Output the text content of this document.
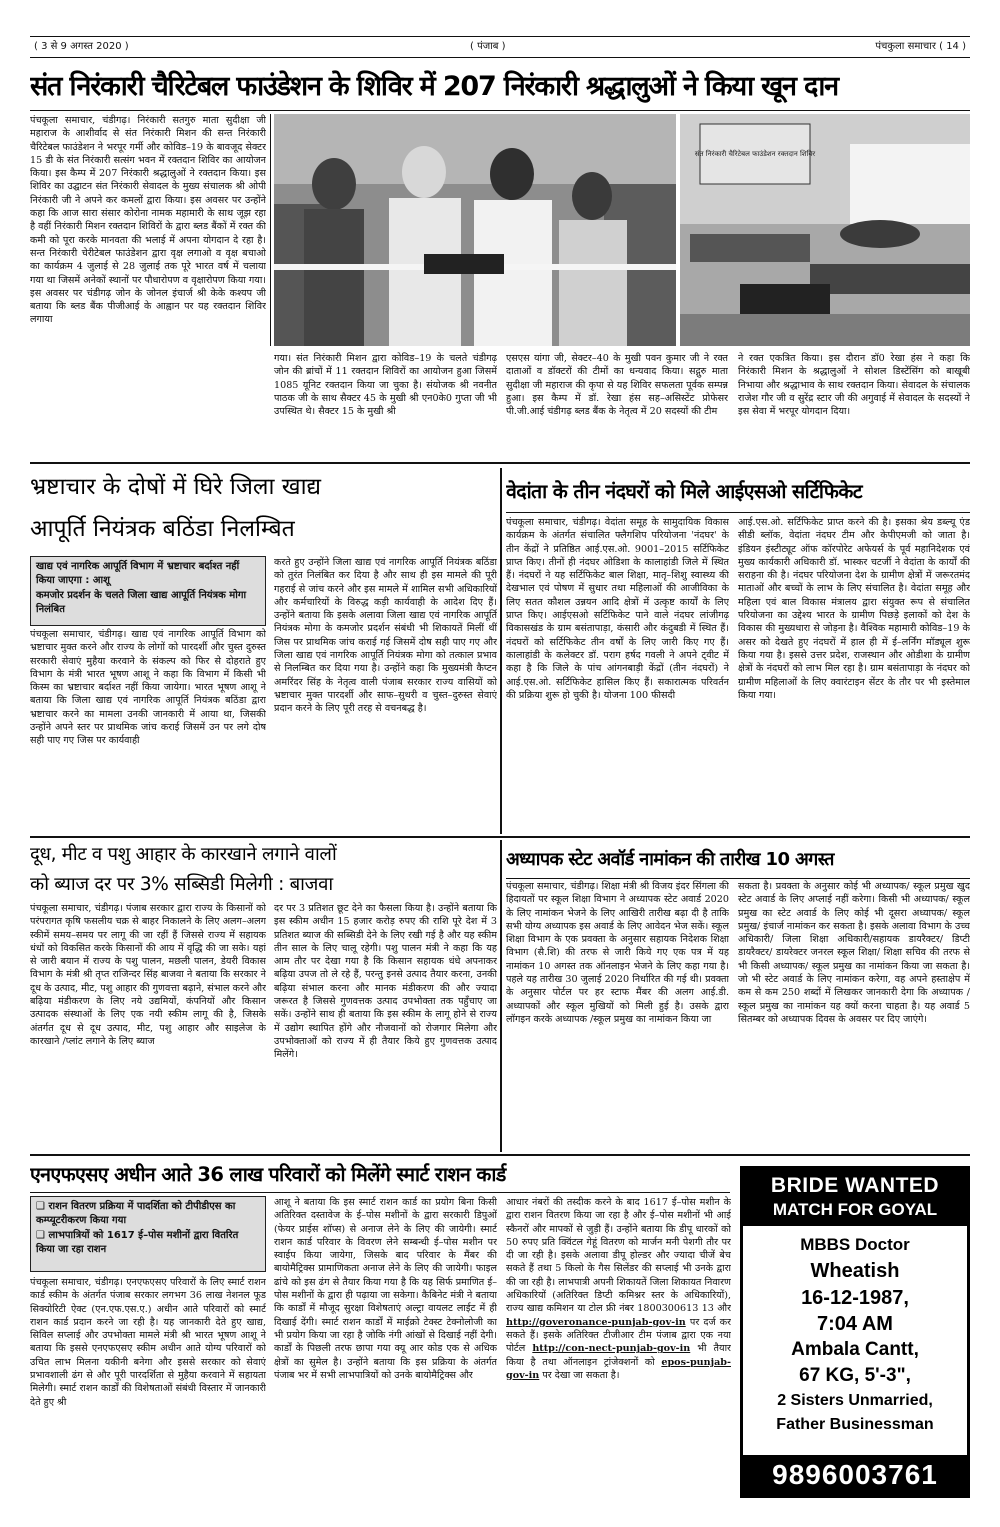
( 3 से 9 अगस्त 2020 )	( पंजाब )	पंचकुला समाचार ( 14 )
संत निरंकारी चैरिटेबल फाउंडेशन के शिविर में 207 निरंकारी श्रद्धालुओं ने किया खून दान

पंचकूला समाचार, चंडीगढ़। निरंकारी सतगुरु माता सुदीक्षा जी महाराज के आशीर्वाद से संत निरंकारी मिशन की सन्त निरंकारी चैरिटेबल फाउंडेशन ने भरपूर गर्मी और कोविड–19 के बावजूद सेक्टर 15 डी के संत निरंकारी सत्संग भवन में रक्तदान शिविर का आयोजन किया। इस कैम्प में 207 निरंकारी श्रद्धालुओं ने रक्तदान किया। इस शिविर का उद्घाटन संत निरंकारी सेवादल के मुख्य संचालक श्री ओपी निरंकारी जी ने अपने कर कमलों द्वारा किया। इस अवसर पर उन्होंने कहा कि आज सारा संसार कोरोना नामक महामारी के साथ जूझ रहा है वहीं निरंकारी मिशन रक्तदान शिविरों के द्वारा ब्लड बैंकों में रक्त की कमी को पूरा करके मानवता की भलाई में अपना योगदान दे रहा है। सन्त निरंकारी चेरीटेबल फाउंडेशन द्वारा वृक्ष लगाओ व वृक्ष बचाओ का कार्यक्रम 4 जुलाई से 28 जुलाई तक पूरे भारत वर्ष में चलाया गया था जिसमें अनेकों स्थानों पर पौधारोपण व वृक्षारोपण किया गया। इस अवसर पर चंडीगढ़ जोन के जोनल इंचार्ज श्री केके कश्यप जी बताया कि ब्लड बैंक पीजीआई के आह्वान पर यह रक्तदान शिविर लगाया

संत निरंकारी चैरिटेबल फाउंडेशन रक्तदान शिविर

गया। संत निरंकारी मिशन द्वारा कोविड–19 के चलते चंडीगढ़ जोन की ब्रांचों में 11 रक्तदान शिविरों का आयोजन हुआ जिसमें 1085 यूनिट रक्तदान किया जा चुका है। संयोजक श्री नवनीत पाठक जी के साथ सैक्टर 45 के मुखी श्री एन0के0 गुप्ता जी भी उपस्थित थे। सैक्टर 15 के मुखी श्री

एसएस यांगा जी, सेक्टर–40 के मुखी पवन कुमार जी ने रक्त दाताओं व डॉक्टरों की टीमों का धन्यवाद किया। सद्गुरु माता सुदीक्षा जी महाराज की कृपा से यह शिविर सफलता पूर्वक सम्पन्न हुआ। इस कैम्प में डॉ. रेखा हंस सह–असिस्टेंट प्रोफेसर पी.जी.आई चंडीगढ़ ब्लड बैंक के नेतृत्व में 20 सदस्यों की टीम

ने रक्त एकत्रित किया। इस दौरान डॉ0 रेखा हंस ने कहा कि निरंकारी मिशन के श्रद्धालुओं ने सोशल डिस्टेंसिंग को बाखूबी निभाया और श्रद्धाभाव के साथ रक्तदान किया। सेवादल के संचालक राजेश गौर जी व सुरेंद्र स्टार जी की अगुवाई में सेवादल के सदस्यों ने इस सेवा में भरपूर योगदान दिया।

भ्रष्टाचार के दोषों में घिरे जिला खाद्य
आपूर्ति नियंत्रक बठिंडा निलम्बित
खाद्य एवं नागरिक आपूर्ति विभाग में भ्रष्टाचार बर्दाश्त नहीं किया जाएगा : आशू
कमजोर प्रदर्शन के चलते जिला खाद्य आपूर्ति नियंत्रक मोगा निलंबित

पंचकूला समाचार, चंडीगढ़। खाद्य एवं नागरिक आपूर्ति विभाग को भ्रष्टाचार मुक्त करने और राज्य के लोगों को पारदर्शी और चुस्त दुरुस्त सरकारी सेवाएं मुहैया करवाने के संकल्प को फिर से दोहराते हुए विभाग के मंत्री भारत भूषण आशू ने कहा कि विभाग में किसी भी किस्म का भ्रष्टाचार बर्दाश्त नहीं किया जायेगा। भारत भूषण आशू ने बताया कि जिला खाद्य एवं नागरिक आपूर्ति नियंत्रक बठिंडा द्वारा भ्रष्टाचार करने का मामला उनकी जानकारी में आया था, जिसकी उन्होंने अपने स्तर पर प्राथमिक जांच कराई जिसमें उन पर लगे दोष सही पाए गए जिस पर कार्यवाही

करते हुए उन्होंने जिला खाद्य एवं नागरिक आपूर्ति नियंत्रक बठिंडा को तुरंत निलंबित कर दिया है और साथ ही इस मामले की पूरी गहराई से जांच करने और इस मामले में शामिल सभी अधिकारियों और कर्मचारियों के विरुद्ध कड़ी कार्यवाही के आदेश दिए हैं। उन्होंने बताया कि इसके अलावा जिला खाद्य एवं नागरिक आपूर्ति नियंत्रक मोगा के कमजोर प्रदर्शन संबंधी भी शिकायतें मिलीं थीं जिस पर प्राथमिक जांच कराई गई जिसमें दोष सही पाए गए और जिला खाद्य एवं नागरिक आपूर्ति नियंत्रक मोगा को तत्काल प्रभाव से निलम्बित कर दिया गया है। उन्होंने कहा कि मुख्यमंत्री कैप्टन अमरिंदर सिंह के नेतृत्व वाली पंजाब सरकार राज्य वासियों को भ्रष्टाचार मुक्त पारदर्शी और साफ–सुथरी व चुस्त–दुरुस्त सेवाएं प्रदान करने के लिए पूरी तरह से वचनबद्ध है।

वेदांता के तीन नंदघरों को मिले आईएसओ सर्टिफिकेट

पंचकूला समाचार, चंडीगढ़। वेदांता समूह के सामुदायिक विकास कार्यक्रम के अंतर्गत संचालित फ्लैगशिप परियोजना 'नंदघर' के तीन केंद्रों ने प्रतिष्ठित आई.एस.ओ. 9001–2015 सर्टिफिकेट प्राप्त किए। तीनों ही नंदघर ओडिशा के कालाहांडी जिले में स्थित हैं। नंदघरों ने यह सर्टिफिकेट बाल शिक्षा, मातृ–शिशु स्वास्थ्य की देखभाल एवं पोषण में सुधार तथा महिलाओं की आजीविका के लिए सतत कौशल उन्नयन आदि क्षेत्रों में उत्कृष्ट कार्यों के लिए प्राप्त किए। आईएसओ सर्टिफिकेट पाने वाले नंदघर लांजीगढ़ विकासखंड के ग्राम बसंतापाड़ा, कंसारी और कंदुबडी में स्थित हैं। नंदघरों को सर्टिफिकेट तीन वर्षों के लिए जारी किए गए हैं। कालाहांडी के कलेक्टर डॉ. पराग हर्षद गवली ने अपने ट्वीट में कहा है कि जिले के पांच आंगनबाड़ी केंद्रों (तीन नंदघरों) ने आई.एस.ओ. सर्टिफिकेट हासिल किए हैं। सकारात्मक परिवर्तन की प्रक्रिया शुरू हो चुकी है। योजना 100 फीसदी

आई.एस.ओ. सर्टिफिकेट प्राप्त करने की है। इसका श्रेय डब्ल्यू एंड सीडी ब्लॉक, वेदांता नंदघर टीम और केपीएमजी को जाता है। इंडियन इंस्टीट्यूट ऑफ कॉरपोरेट अफेयर्स के पूर्व महानिदेशक एवं मुख्य कार्यकारी अधिकारी डॉ. भास्कर चटर्जी ने वेदांता के कार्यों की सराहना की है। नंदघर परियोजना देश के ग्रामीण क्षेत्रों में जरूरतमंद माताओं और बच्चों के लाभ के लिए संचालित है। वेदांता समूह और महिला एवं बाल विकास मंत्रालय द्वारा संयुक्त रूप से संचालित परियोजना का उद्देश्य भारत के ग्रामीण पिछड़े इलाकों को देश के विकास की मुख्यधारा से जोड़ना है। वैश्विक महामारी कोविड–19 के असर को देखते हुए नंदघरों में हाल ही में ई–लर्निंग मॉड्यूल शुरू किया गया है। इससे उत्तर प्रदेश, राजस्थान और ओडीशा के ग्रामीण क्षेत्रों के नंदघरों को लाभ मिल रहा है। ग्राम बसंतापाड़ा के नंदघर को ग्रामीण महिलाओं के लिए क्वारंटाइन सेंटर के तौर पर भी इस्तेमाल किया गया।

दूध, मीट व पशु आहार के कारखाने लगाने वालों
को ब्याज दर पर 3% सब्सिडी मिलेगी : बाजवा

पंचकूला समाचार, चंडीगढ़। पंजाब सरकार द्वारा राज्य के किसानों को परंपरागत कृषि फसलीय चक्र से बाहर निकालने के लिए अलग–अलग स्कीमें समय–समय पर लागू की जा रहीं हैं जिससे राज्य में सहायक धंधों को विकसित करके किसानों की आय में वृद्धि की जा सके। यहां से जारी बयान में राज्य के पशु पालन, मछली पालन, डेयरी विकास विभाग के मंत्री श्री तृप्त राजिन्दर सिंह बाजवा ने बताया कि सरकार ने दूध के उत्पाद, मीट, पशु आहार की गुणवत्ता बढ़ाने, संभाल करने और बढ़िया मंडीकरण के लिए नये उद्यमियों, कंपनियों और किसान उत्पादक संस्थाओं के लिए एक नयी स्कीम लागू की है, जिसके अंतर्गत दूध से दूध उत्पाद, मीट, पशु आहार और साइलेज के कारखाने /प्लांट लगाने के लिए ब्याज

दर पर 3 प्रतिशत छूट देने का फैसला किया है। उन्होंने बताया कि इस स्कीम अधीन 15 हजार करोड़ रुपए की राशि पूरे देश में 3 प्रतिशत ब्याज की सब्सिडी देने के लिए रखी गई है और यह स्कीम तीन साल के लिए चालू रहेगी। पशु पालन मंत्री ने कहा कि यह आम तौर पर देखा गया है कि किसान सहायक धंधे अपनाकर बढ़िया उपज तो ले रहे हैं, परन्तु इनसे उत्पाद तैयार करना, उनकी बढ़िया संभाल करना और मानक मंडीकरण की और ज्यादा जरूरत है जिससे गुणवत्तक उत्पाद उपभोक्ता तक पहुँचाए जा सकें। उन्होंने साथ ही बताया कि इस स्कीम के लागू होने से राज्य में उद्योग स्थापित होंगे और नौजवानों को रोजगार मिलेगा और उपभोक्ताओं को राज्य में ही तैयार किये हुए गुणवत्तक उत्पाद मिलेंगे।

अध्यापक स्टेट अवॉर्ड नामांकन की तारीख 10 अगस्त

पंचकूला समाचार, चंडीगढ़। शिक्षा मंत्री श्री विजय इंदर सिंगला की हिदायतों पर स्कूल शिक्षा विभाग ने अध्यापक स्टेट अवार्ड 2020 के लिए नामांकन भेजने के लिए आखिरी तारीख बढ़ा दी है ताकि सभी योग्य अध्यापक इस अवार्ड के लिए आवेदन भेज सकें। स्कूल शिक्षा विभाग के एक प्रवक्ता के अनुसार सहायक निदेशक शिक्षा विभाग (सै.शि) की तरफ से जारी किये गए एक पत्र में यह नामांकन 10 अगस्त तक ऑनलाइन भेजने के लिए कहा गया है। पहले यह तारीख 30 जुलाई 2020 निर्धारित की गई थी। प्रवक्ता के अनुसार पोर्टल पर हर स्टाफ मैंबर की अलग आई.डी. अध्यापकों और स्कूल मुखियों को मिली हुई है। उसके द्वारा लॉगइन करके अध्यापक /स्कूल प्रमुख का नामांकन किया जा

सकता है। प्रवक्ता के अनुसार कोई भी अध्यापक/ स्कूल प्रमुख खुद स्टेट अवार्ड के लिए अप्लाई नहीं करेगा। किसी भी अध्यापक/ स्कूल प्रमुख का स्टेट अवार्ड के लिए कोई भी दूसरा अध्यापक/ स्कूल प्रमुख/ इंचार्ज नामांकन कर सकता है। इसके अलावा विभाग के उच्च अधिकारी/ जिला शिक्षा अधिकारी/सहायक डायरैक्टर/ डिप्टी डायरैक्टर/ डायरेक्टर जनरल स्कूल शिक्षा/ शिक्षा सचिव की तरफ से भी किसी अध्यापक/ स्कूल प्रमुख का नामांकन किया जा सकता है। जो भी स्टेट अवार्ड के लिए नामांकन करेगा, वह अपने हस्ताक्षेप में कम से कम 250 शब्दों में लिखकर जानकारी देगा कि अध्यापक /स्कूल प्रमुख का नामांकन यह क्यों करना चाहता है। यह अवार्ड 5 सितम्बर को अध्यापक दिवस के अवसर पर दिए जाएंगे।

एनएफएसए अधीन आते 36 लाख परिवारों को मिलेंगे स्मार्ट राशन कार्ड
❑ राशन वितरण प्रक्रिया में पादर्शिता को टीपीडीएस का कम्प्यूटरीकरण किया गया
❑ लाभपात्रियों को 1617 ई–पोस मशीनों द्वारा वितरित किया जा रहा राशन

पंचकूला समाचार, चंडीगढ़। एनएफएसए परिवारों के लिए स्मार्ट राशन कार्ड स्कीम के अंतर्गत पंजाब सरकार लगभग 36 लाख नेशनल फूड सिक्योरिटी ऐक्ट (एन.एफ.एस.ए.) अधीन आते परिवारों को स्मार्ट राशन कार्ड प्रदान करने जा रही है। यह जानकारी देते हुए खाद्य, सिविल सप्लाई और उपभोक्ता मामले मंत्री श्री भारत भूषण आशू ने बताया कि इससे एनएफएसए स्कीम अधीन आते योग्य परिवारों को उचित लाभ मिलना यकीनी बनेगा और इससे सरकार को सेवाएं प्रभावशाली ढंग से और पूरी पारदर्शिता से मुहैया करवाने में सहायता मिलेगी। स्मार्ट राशन कार्डों की विशेषताओं संबंधी विस्तार में जानकारी देते हुए श्री

आशू ने बताया कि इस स्मार्ट राशन कार्ड का प्रयोग बिना किसी अतिरिक्त दस्तावेज के ई–पोस मशीनों के द्वारा सरकारी डिपुओं (फेयर प्राईस शॉप्स) से अनाज लेने के लिए की जायेगी। स्मार्ट राशन कार्ड परिवार के विवरण लेने सम्बन्धी ई–पोस मशीन पर स्वाईप किया जायेगा, जिसके बाद परिवार के मैंबर की बायोमैट्रिक्स प्रामाणिकता अनाज लेने के लिए की जायेगी। फाइल ढांचे को इस ढंग से तैयार किया गया है कि यह सिर्फ प्रमाणित ई–पोस मशीनों के द्वारा ही पढ़ाया जा सकेगा। कैबिनेट मंत्री ने बताया कि कार्डों में मौजूद सुरक्षा विशेषताएं अल्ट्रा वायलट लाईट में ही दिखाई देंगी। स्मार्ट राशन कार्डों में माईक्रो टेक्स्ट टेक्नोलोजी का भी प्रयोग किया जा रहा है जोकि नंगी आंखों से दिखाई नहीं देगी। कार्डों के पिछली तरफ छापा गया क्यू आर कोड एक से अधिक क्षेत्रों का सुमेल है। उन्होंने बताया कि इस प्रक्रिया के अंतर्गत पंजाब भर में सभी लाभपात्रियों को उनके बायोमैट्रिक्स और

आधार नंबरों की तस्दीक करने के बाद 1617 ई–पोस मशीन के द्वारा राशन वितरण किया जा रहा है और ई–पोस मशीनों भी आई स्कैनरों और मापकों से जुड़ी हैं। उन्होंने बताया कि डीपू धारकों को 50 रुपए प्रति क्विंटल गेहूं वितरण को मार्जन मनी पेशगी तौर पर दी जा रही है। इसके अलावा डीपू होल्डर और ज्यादा चीजें बेच सकते हैं तथा 5 किलो के गैस सिलेंडर की सप्लाई भी उनके द्वारा की जा रही है। लाभपात्री अपनी शिकायतें जिला शिकायत निवारण अधिकारियों (अतिरिक्त डिप्टी कमिश्नर स्तर के अधिकारियों), राज्य खाद्य कमिशन या टोल फ्री नंबर 1800300613 13 और http://goveronance-punjab-gov-in पर दर्ज कर सकते हैं। इसके अतिरिक्त टीजीआर टीम पंजाब द्वारा एक नया पोर्टल http://con-nect-punjab-gov-in भी तैयार किया है तथा ऑनलाइन ट्रांजेक्शनों को epos-punjab-gov-in पर देखा जा सकता है।

BRIDE WANTED
MATCH FOR GOYAL
MBBS Doctor
Wheatish
16-12-1987,
7:04 AM
Ambala Cantt,
67 KG, 5'-3",
2 Sisters Unmarried,
Father Businessman
9896003761
